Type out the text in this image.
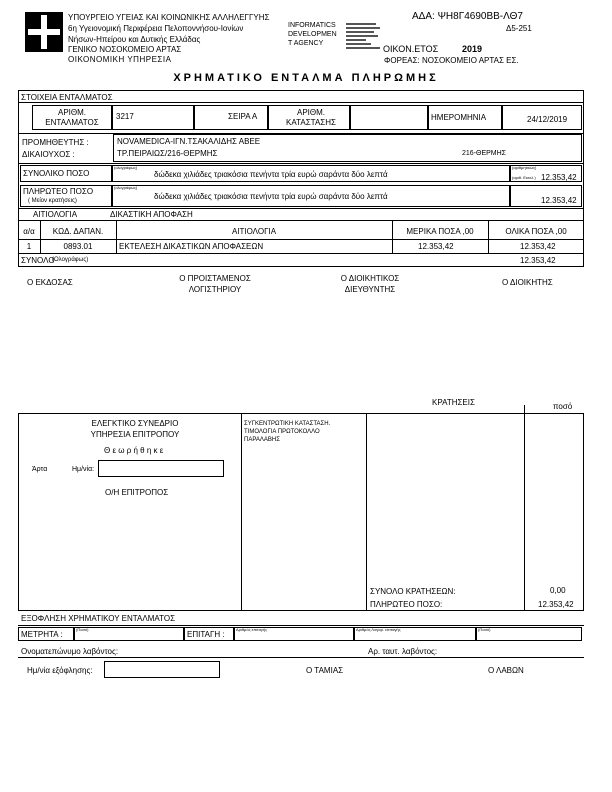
ΥΠΟΥΡΓΕΙΟ ΥΓΕΙΑΣ ΚΑΙ ΚΟΙΝΩΝΙΚΗΣ ΑΛΛΗΛΕΓΓΥΗΣ
6η Υγειονομική Περιφέρεια Πελοποννήσου-Ιονίων
Νήσων-Ηπείρου και Δυτικής Ελλάδας
ΓΕΝΙΚΟ ΝΟΣΟΚΟΜΕΙΟ ΑΡΤΑΣ
ΟΙΚΟΝΟΜΙΚΗ ΥΠΗΡΕΣΙΑ
INFORMATICS
DEVELOPMEN
T AGENCY
ΑΔΑ: ΨΗ8Γ4690ΒΒ-ΛΘ7
Δ5-251
ΟΙΚΟΝ.ΕΤΟΣ	2019
ΦΟΡΕΑΣ: ΝΟΣΟΚΟΜΕΙΟ ΑΡΤΑΣ ΕΣ.
ΧΡΗΜΑΤΙΚΟ ΕΝΤΑΛΜΑ ΠΛΗΡΩΜΗΣ
ΣΤΟΙΧΕΙΑ ΕΝΤΑΛΜΑΤΟΣ
ΑΡΙΘΜ. ΕΝΤΑΛΜΑΤΟΣ
3217	ΣΕΙΡΑ Α	ΑΡΙΘΜ. ΚΑΤΑΣΤΑΣΗΣ
ΗΜΕΡΟΜΗΝΙΑ	24/12/2019
ΠΡΟΜΗΘΕΥΤΗΣ :
ΔΙΚΑΙΟΥΧΟΣ :
NOVAMEDICA-ΙΓΝ.ΤΣΑΚΑΛΙΔΗΣ ΑΒΕΕ
ΤΡ.ΠΕΙΡΑΙΩΣ/216-ΘΕΡΜΗΣ	216-ΘΕΡΜΗΣ
ΣΥΝΟΛΙΚΟ ΠΟΣΟ
(ολογράφως)
δώδεκα χιλιάδες τριακόσια πενήντα τρία ευρώ σαράντα δύο λεπτά
(αριθμητικώς)
(αριθ. Εκτελ.) 12.353,42
ΠΛΗΡΩΤΕΟ ΠΟΣΟ
( Μείον κρατήσεις)
(ολογράφως)
δώδεκα χιλιάδες τριακόσια πενήντα τρία ευρώ σαράντα δύο λεπτά	12.353,42
ΑΙΤΙΟΛΟΓΙΑ	ΔΙΚΑΣΤΙΚΗ ΑΠΟΦΑΣΗ
α/α	ΚΩΔ. ΔΑΠΑΝ.	ΑΙΤΙΟΛΟΓΙΑ	ΜΕΡΙΚΑ ΠΟΣΑ ,00	ΟΛΙΚΑ ΠΟΣΑ ,00
1	0893.01	ΕΚΤΕΛΕΣΗ ΔΙΚΑΣΤΙΚΩΝ ΑΠΟΦΑΣΕΩΝ	12.353,42	12.353,42
ΣΥΝΟΛΟ
(Ολογράφως)	12.353,42
Ο ΕΚΔΟΣΑΣ	Ο ΠΡΟΙΣΤΑΜΕΝΟΣ
ΛΟΓΙΣΤΗΡΙΟΥ
Ο ΔΙΟΙΚΗΤΙΚΟΣ
ΔΙΕΥΘΥΝΤΗΣ
Ο ΔΙΟΙΚΗΤΗΣ
ΚΡΑΤΗΣΕΙΣ	ποσό
ΕΛΕΓΚΤΙΚΟ ΣΥΝΕΔΡΙΟ
ΥΠΗΡΕΣΙΑ ΕΠΙΤΡΟΠΟΥ
Θ ε ω ρ ή θ η κ ε
Άρτα	Ημ/νία:
Ο/Η ΕΠΙΤΡΟΠΟΣ
ΣΥΓΚΕΝΤΡΩΤΙΚΗ ΚΑΤΑΣΤΑΣΗ.
ΤΙΜΟΛΟΓΙΑ ΠΡΩΤΟΚΟΛΛΟ
ΠΑΡΑΛΑΒΗΣ
ΣΥΝΟΛΟ ΚΡΑΤΗΣΕΩΝ:	0,00
ΠΛΗΡΩΤΕΟ ΠΟΣΟ:	12.353,42
ΕΞΟΦΛΗΣΗ ΧΡΗΜΑΤΙΚΟΥ ΕΝΤΑΛΜΑΤΟΣ
ΜΕΤΡΗΤΑ :
(Ποσό)
ΕΠΙΤΑΓΗ :
Αριθμός επιταγής	Αριθμός Λογαρ. επιταγής	(Ποσό)
Ονοματεπώνυμο λαβόντος:	Αρ. ταυτ. λαβόντος:
Ημ/νία εξόφλησης:	Ο ΤΑΜΙΑΣ	Ο ΛΑΒΩΝ
